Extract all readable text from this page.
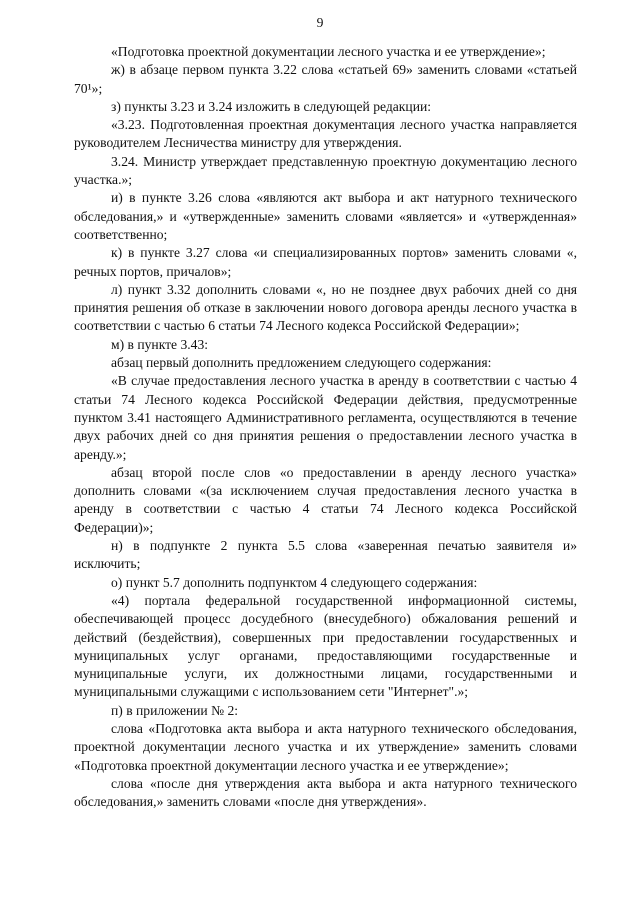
9

«Подготовка проектной документации лесного участка и ее утверждение»;

ж) в абзаце первом пункта 3.22 слова «статьей 69» заменить словами «статьей 70¹»;

з) пункты 3.23 и 3.24 изложить в следующей редакции:

«3.23. Подготовленная проектная документация лесного участка направляется руководителем Лесничества министру для утверждения.

3.24. Министр утверждает представленную проектную документацию лесного участка.»;

и) в пункте 3.26 слова «являются акт выбора и акт натурного технического обследования,» и «утвержденные» заменить словами «является» и «утвержденная» соответственно;

к) в пункте 3.27 слова «и специализированных портов» заменить словами «, речных портов, причалов»;

л) пункт 3.32 дополнить словами «, но не позднее двух рабочих дней со дня принятия решения об отказе в заключении нового договора аренды лесного участка в соответствии с частью 6 статьи 74 Лесного кодекса Российской Федерации»;

м) в пункте 3.43:

абзац первый дополнить предложением следующего содержания:

«В случае предоставления лесного участка в аренду в соответствии с частью 4 статьи 74 Лесного кодекса Российской Федерации действия, предусмотренные пунктом 3.41 настоящего Административного регламента, осуществляются в течение двух рабочих дней со дня принятия решения о предоставлении лесного участка в аренду.»;

абзац второй после слов «о предоставлении в аренду лесного участка» дополнить словами «(за исключением случая предоставления лесного участка в аренду в соответствии с частью 4 статьи 74 Лесного кодекса Российской Федерации)»;

н) в подпункте 2 пункта 5.5 слова «заверенная печатью заявителя и» исключить;

о) пункт 5.7 дополнить подпунктом 4 следующего содержания:

«4) портала федеральной государственной информационной системы, обеспечивающей процесс досудебного (внесудебного) обжалования решений и действий (бездействия), совершенных при предоставлении государственных и муниципальных услуг органами, предоставляющими государственные и муниципальные услуги, их должностными лицами, государственными и муниципальными служащими с использованием сети "Интернет".»;

п) в приложении № 2:

слова «Подготовка акта выбора и акта натурного технического обследования, проектной документации лесного участка и их утверждение» заменить словами «Подготовка проектной документации лесного участка и ее утверждение»;

слова «после дня утверждения акта выбора и акта натурного технического обследования,» заменить словами «после дня утверждения».
